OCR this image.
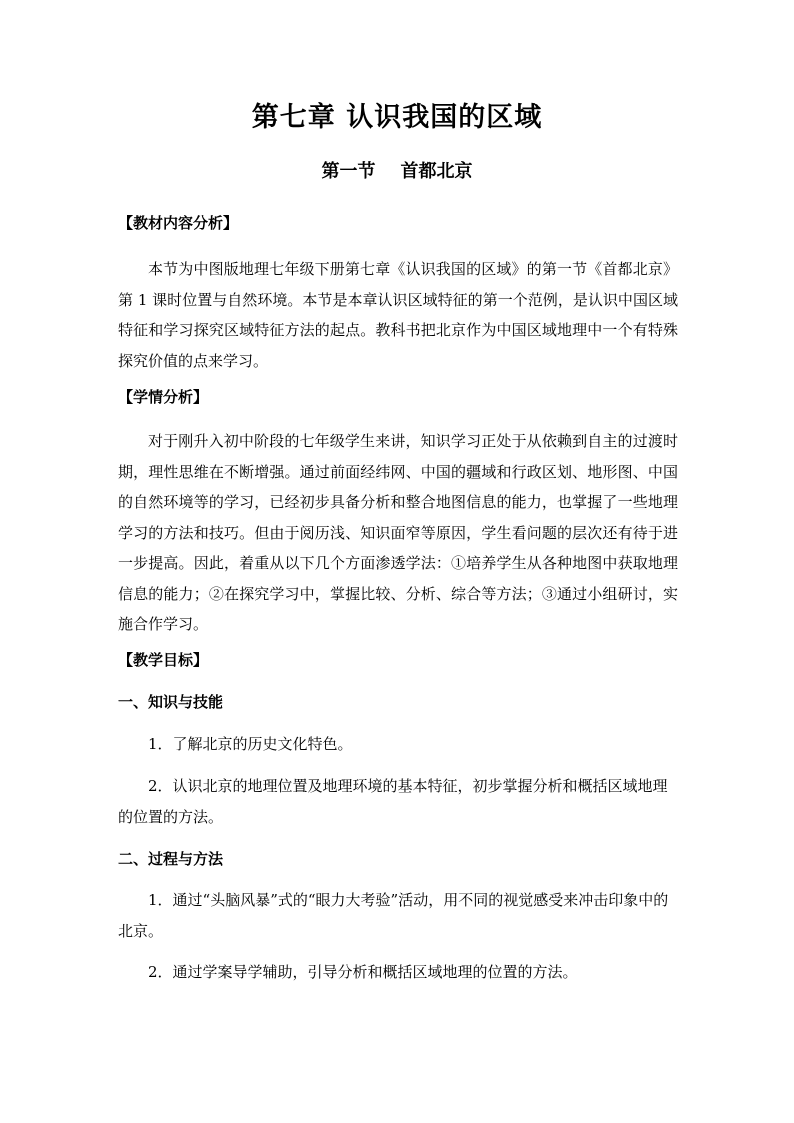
第七章 认识我国的区域
第一节    首都北京
【教材内容分析】
本节为中图版地理七年级下册第七章《认识我国的区域》的第一节《首都北京》第 1 课时位置与自然环境。本节是本章认识区域特征的第一个范例，是认识中国区域特征和学习探究区域特征方法的起点。教科书把北京作为中国区域地理中一个有特殊探究价值的点来学习。
【学情分析】
对于刚升入初中阶段的七年级学生来讲，知识学习正处于从依赖到自主的过渡时期，理性思维在不断增强。通过前面经纬网、中国的疆域和行政区划、地形图、中国的自然环境等的学习，已经初步具备分析和整合地图信息的能力，也掌握了一些地理学习的方法和技巧。但由于阅历浅、知识面窄等原因，学生看问题的层次还有待于进一步提高。因此，着重从以下几个方面渗透学法：①培养学生从各种地图中获取地理信息的能力；②在探究学习中，掌握比较、分析、综合等方法；③通过小组研讨，实施合作学习。
【教学目标】
一、知识与技能
1．了解北京的历史文化特色。
2．认识北京的地理位置及地理环境的基本特征，初步掌握分析和概括区域地理的位置的方法。
二、过程与方法
1．通过“头脑风暴”式的“眼力大考验”活动，用不同的视觉感受来冲击印象中的北京。
2．通过学案导学辅助，引导分析和概括区域地理的位置的方法。
